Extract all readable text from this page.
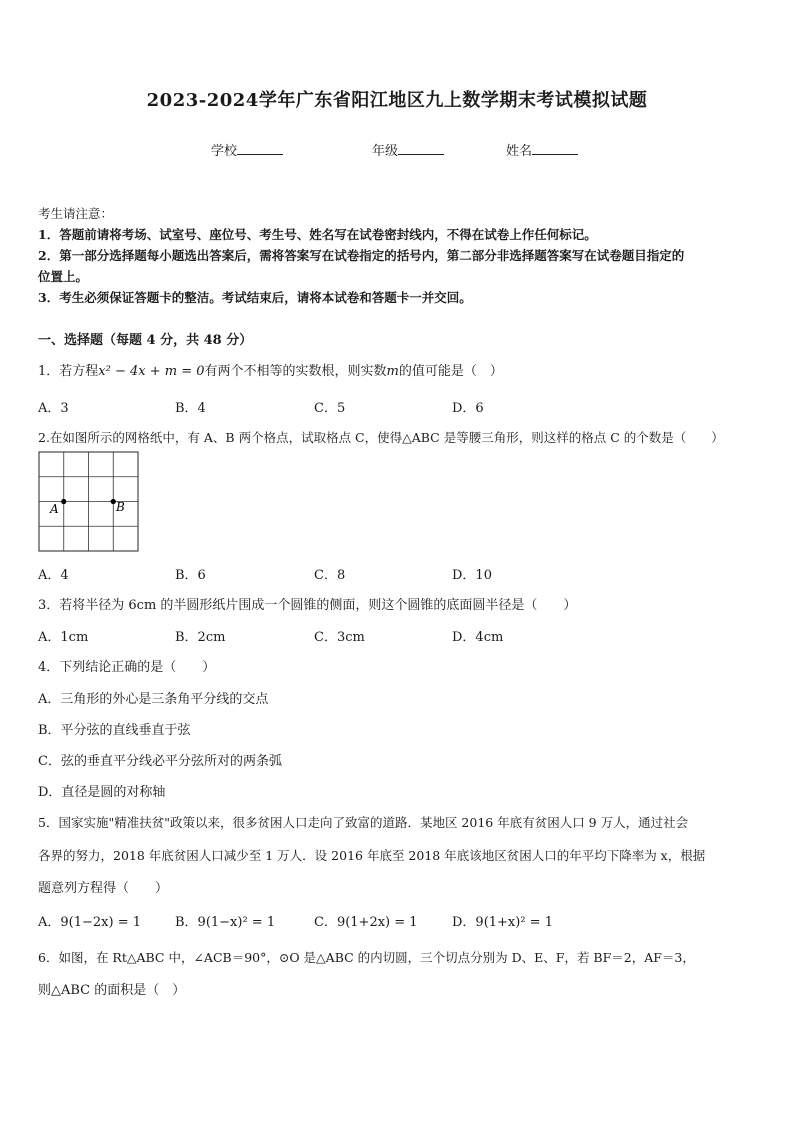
2023-2024学年广东省阳江地区九上数学期末考试模拟试题
学校	年级	姓名
考生请注意：
1．答题前请将考场、试室号、座位号、考生号、姓名写在试卷密封线内，不得在试卷上作任何标记。
2．第一部分选择题每小题选出答案后，需将答案写在试卷指定的括号内，第二部分非选择题答案写在试卷题目指定的
位置上。
3．考生必须保证答题卡的整洁。考试结束后，请将本试卷和答题卡一并交回。
一、选择题（每题 4 分，共 48 分）
1．若方程x² − 4x + m = 0有两个不相等的实数根，则实数m的值可能是（　）
A．3	B．4	C．5	D．6
2.在如图所示的网格纸中，有 A、B 两个格点，试取格点 C，使得△ABC 是等腰三角形，则这样的格点 C 的个数是（　　）
A	B
A．4	B．6	C．8	D．10
3．若将半径为 6cm 的半圆形纸片围成一个圆锥的侧面，则这个圆锥的底面圆半径是（　　）
A．1cm	B．2cm	C．3cm	D．4cm
4．下列结论正确的是（　　）
A．三角形的外心是三条角平分线的交点
B．平分弦的直线垂直于弦
C．弦的垂直平分线必平分弦所对的两条弧
D．直径是圆的对称轴
5．国家实施"精准扶贫"政策以来，很多贫困人口走向了致富的道路．某地区 2016 年底有贫困人口 9 万人，通过社会
各界的努力，2018 年底贫困人口减少至 1 万人．设 2016 年底至 2018 年底该地区贫困人口的年平均下降率为 x，根据
题意列方程得（　　）
A．9(1−2x) = 1	B．9(1−x)² = 1	C．9(1+2x) = 1	D．9(1+x)² = 1
6．如图，在 Rt△ABC 中，∠ACB＝90°，⊙O 是△ABC 的内切圆，三个切点分别为 D、E、F，若 BF＝2，AF＝3，
则△ABC 的面积是（　）
